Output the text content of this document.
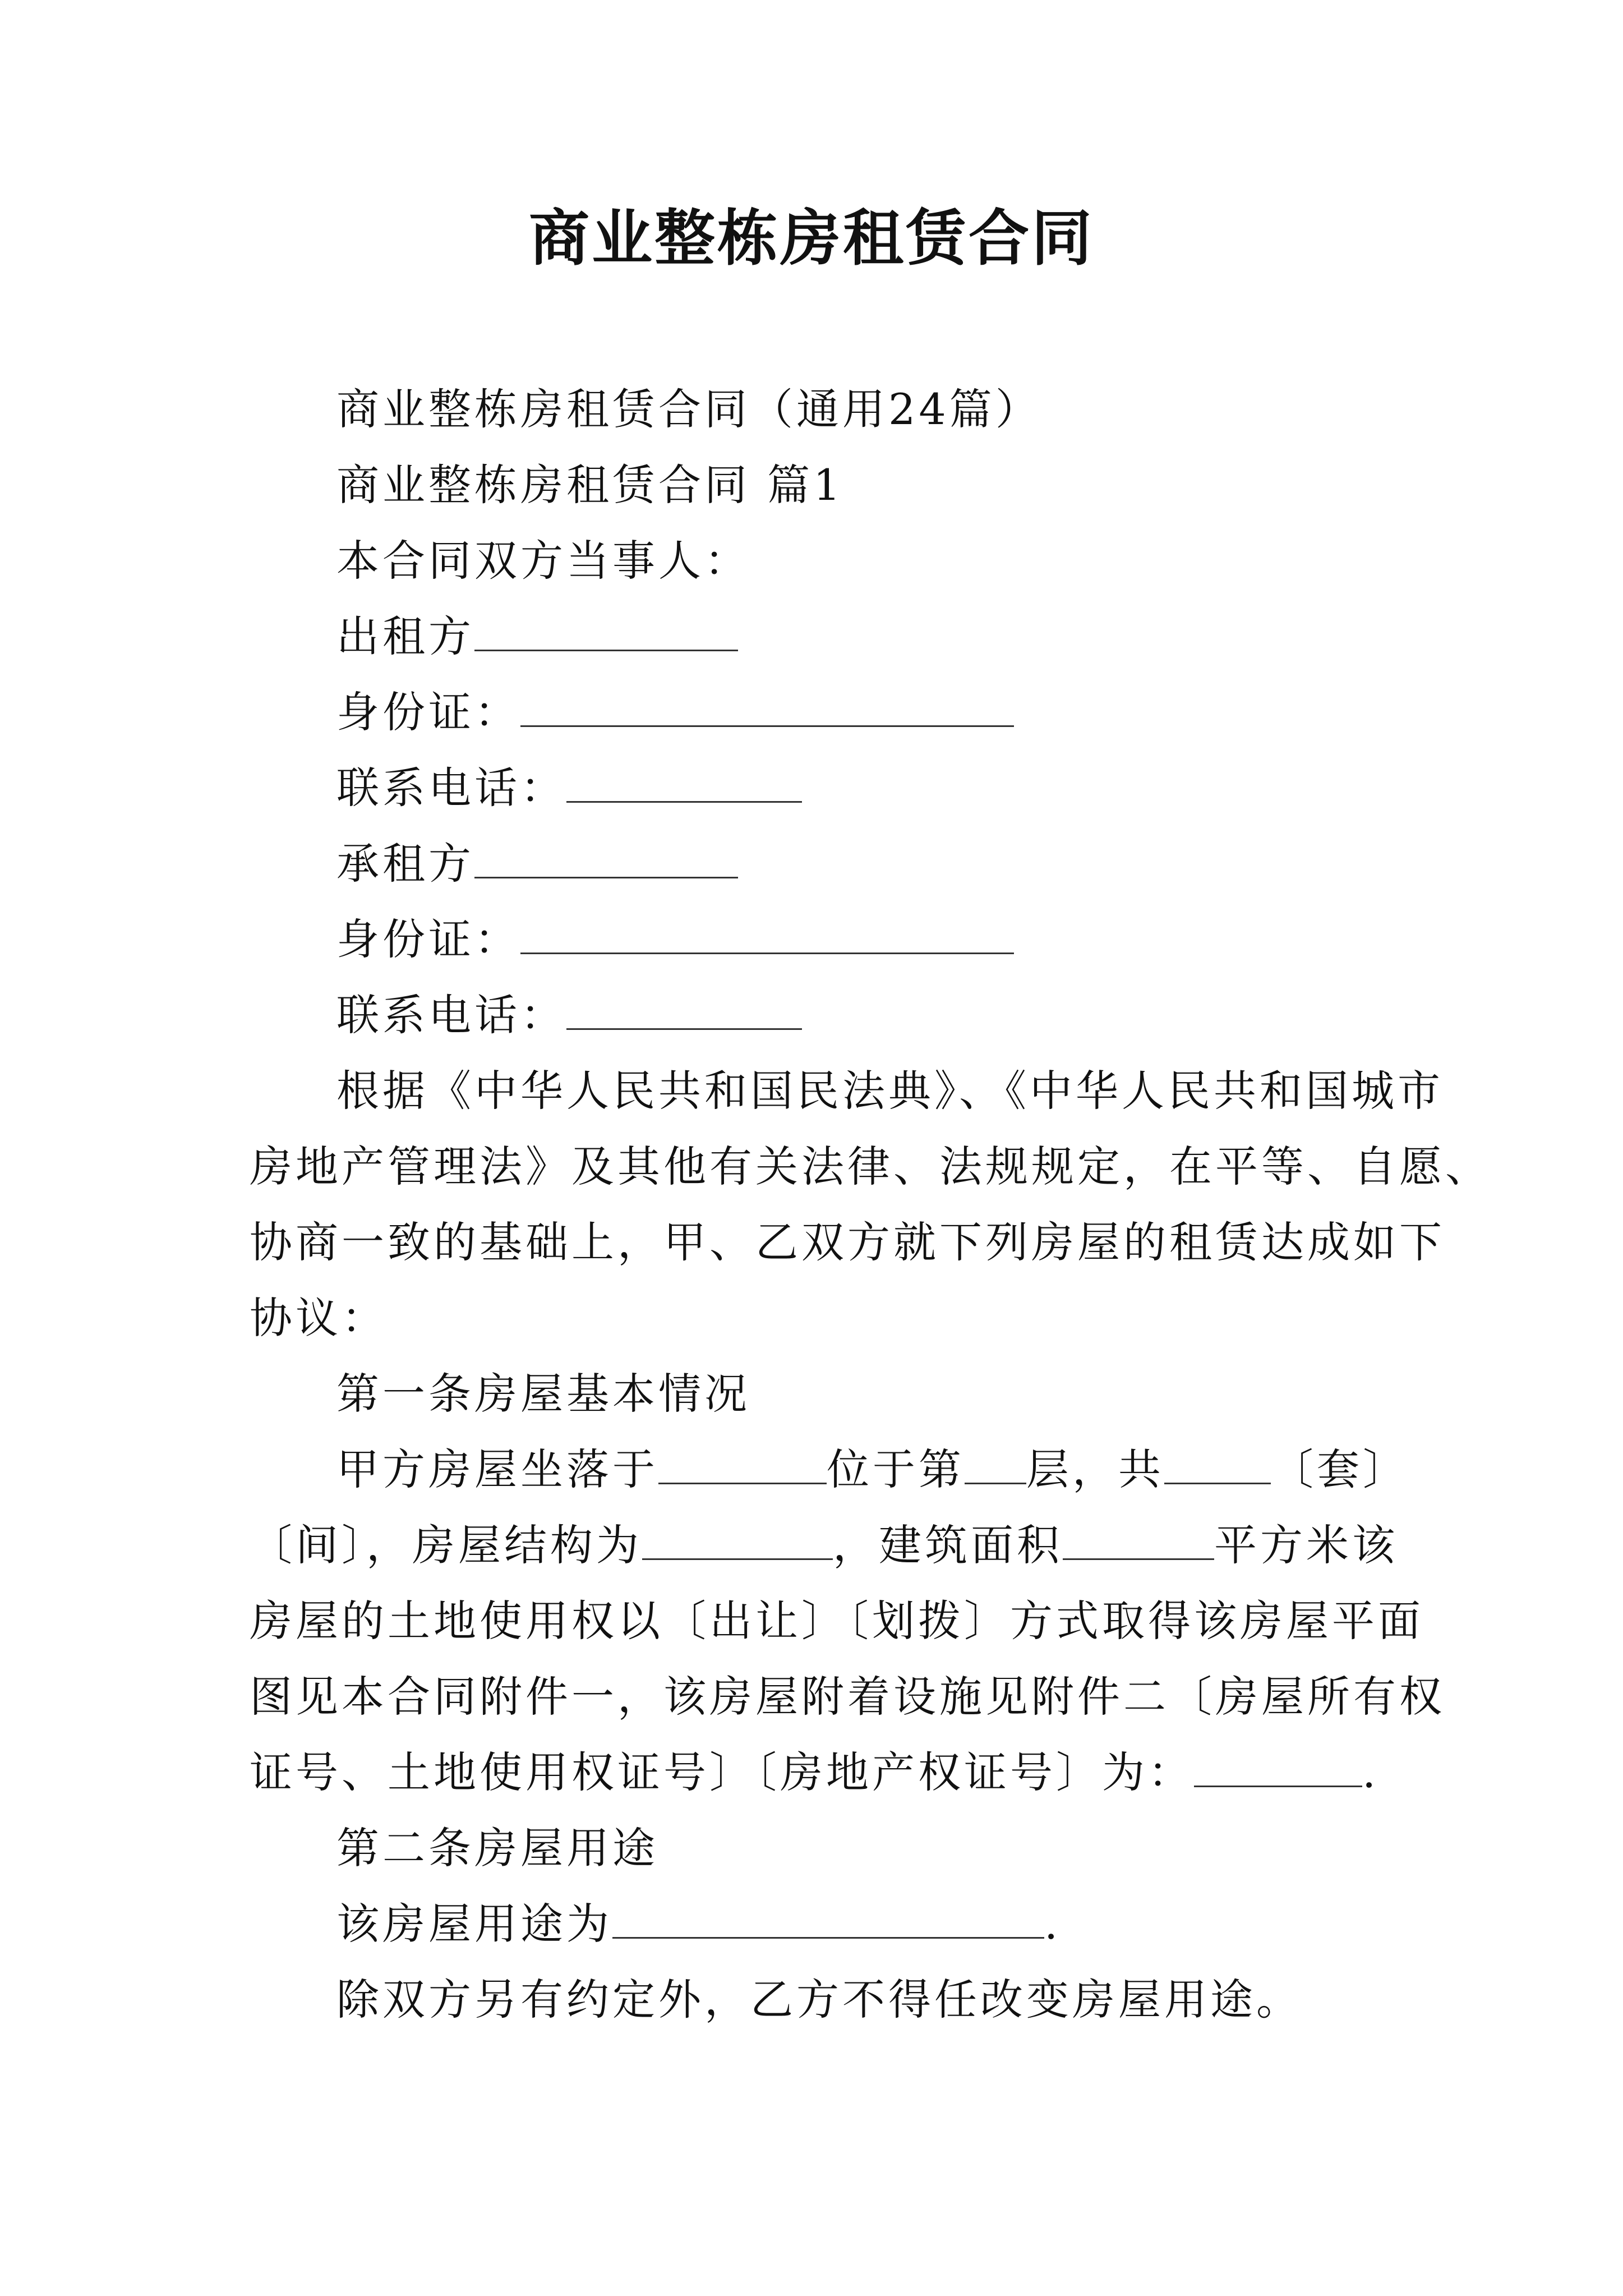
商业整栋房租赁合同
商业整栋房租赁合同（通用24篇）
商业整栋房租赁合同 篇1
本合同双方当事人：
出租方
身份证：
联系电话：
承租方
身份证：
联系电话：
根据《中华人民共和国民法典》、《中华人民共和国城市
房地产管理法》及其他有关法律、法规规定，在平等、自愿、
协商一致的基础上，甲、乙双方就下列房屋的租赁达成如下
协议：
第一条房屋基本情况
甲方房屋坐落于	位于第 层，共	〔套〕
〔间〕，房屋结构为	，建筑面积	平方米该
房屋的土地使用权以〔出让〕〔划拨〕方式取得该房屋平面
图见本合同附件一，该房屋附着设施见附件二〔房屋所有权
证号、土地使用权证号〕〔房地产权证号〕为：	.
第二条房屋用途
该房屋用途为	.
除双方另有约定外，乙方不得任改变房屋用途。
